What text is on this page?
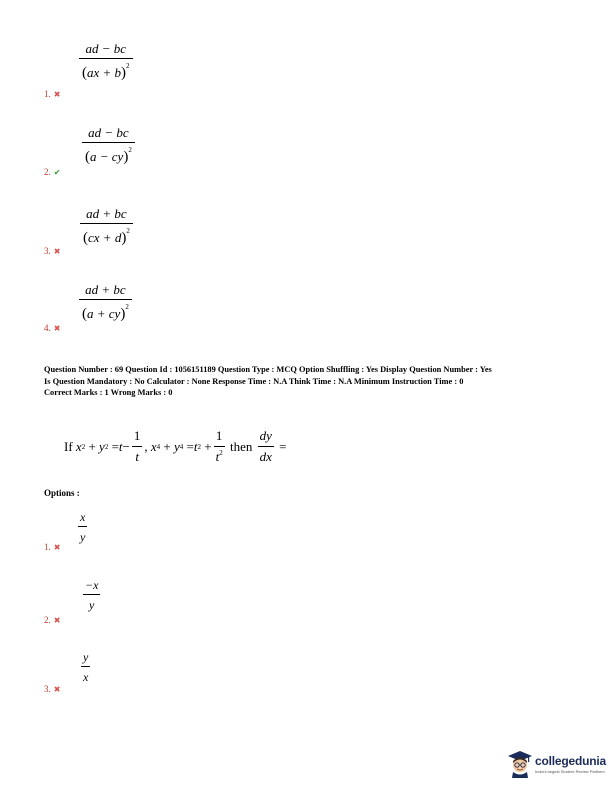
ad − bc
(ax + b)$^2$
1. ✖
ad − bc
(a − cy)$^2$
2. ✔
ad + bc
(cx + d)$^2$
3. ✖
ad + bc
(a + cy)$^2$
4. ✖
Question Number : 69 Question Id : 1056151189 Question Type : MCQ Option Shuffling : Yes Display Question Number : Yes
Is Question Mandatory : No Calculator : None Response Time : N.A Think Time : N.A Minimum Instruction Time : 0
Correct Marks : 1 Wrong Marks : 0
If
x 2
+
y 2
= t −
1
t
,
x 4
+
y 4
= t 2
+
1
$t^2$
then

dy
dx

=
Options :
x
y
1. ✖
−x
y
2. ✖
y
x
3. ✖
collegedunia
India's largest Student Review Platform
